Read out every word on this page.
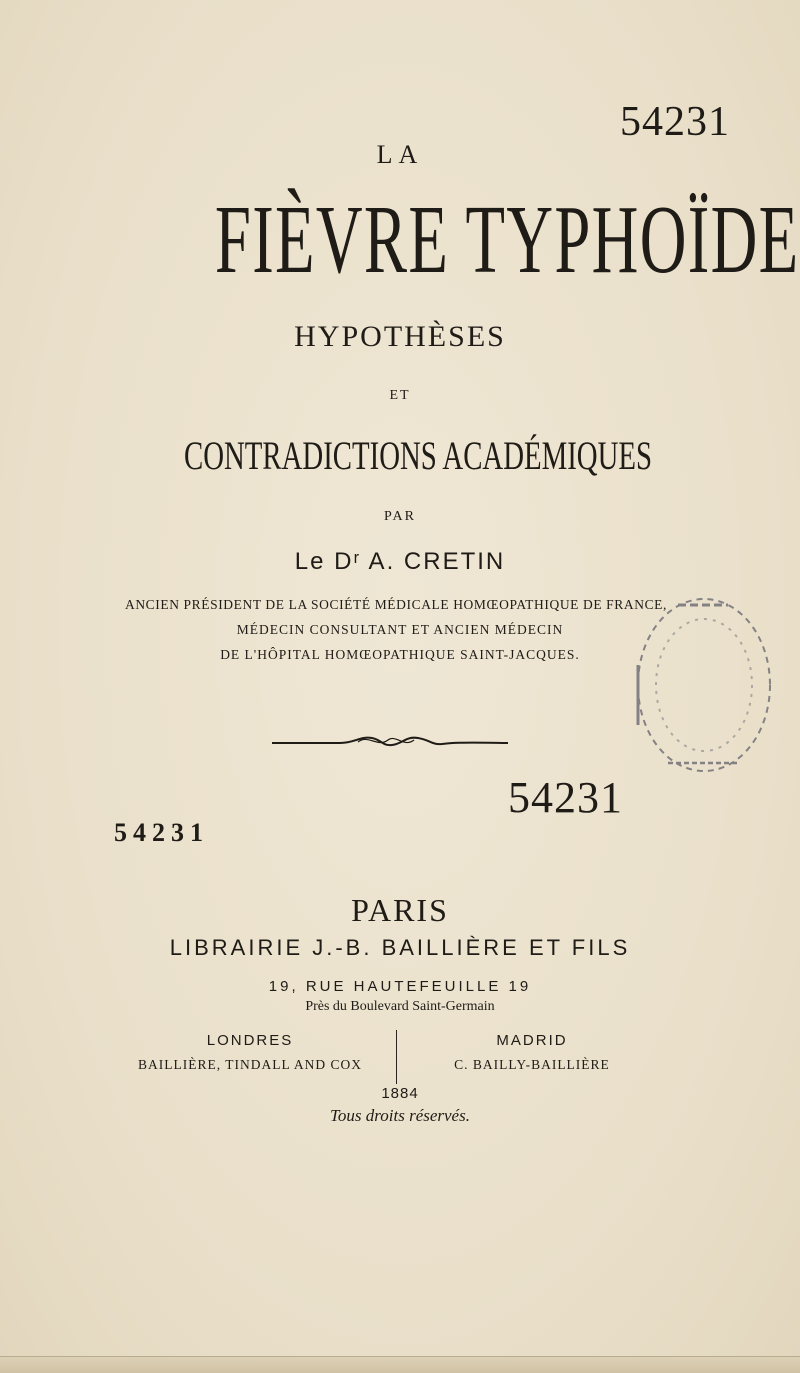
54231
LA
FIÈVRE TYPHOÏDE
HYPOTHÈSES
ET
CONTRADICTIONS ACADÉMIQUES
PAR
Le Dʳ A. CRETIN
ANCIEN PRÉSIDENT DE LA SOCIÉTÉ MÉDICALE HOMŒOPATHIQUE DE FRANCE,
MÉDECIN CONSULTANT ET ANCIEN MÉDECIN
DE L'HÔPITAL HOMŒOPATHIQUE SAINT-JACQUES.
54231
54231
PARIS
LIBRAIRIE J.-B. BAILLIÈRE ET FILS
19, RUE HAUTEFEUILLE 19
Près du Boulevard Saint-Germain
LONDRES
BAILLIÈRE, TINDALL AND COX
MADRID
C. BAILLY-BAILLIÈRE
1884
Tous droits réservés.
